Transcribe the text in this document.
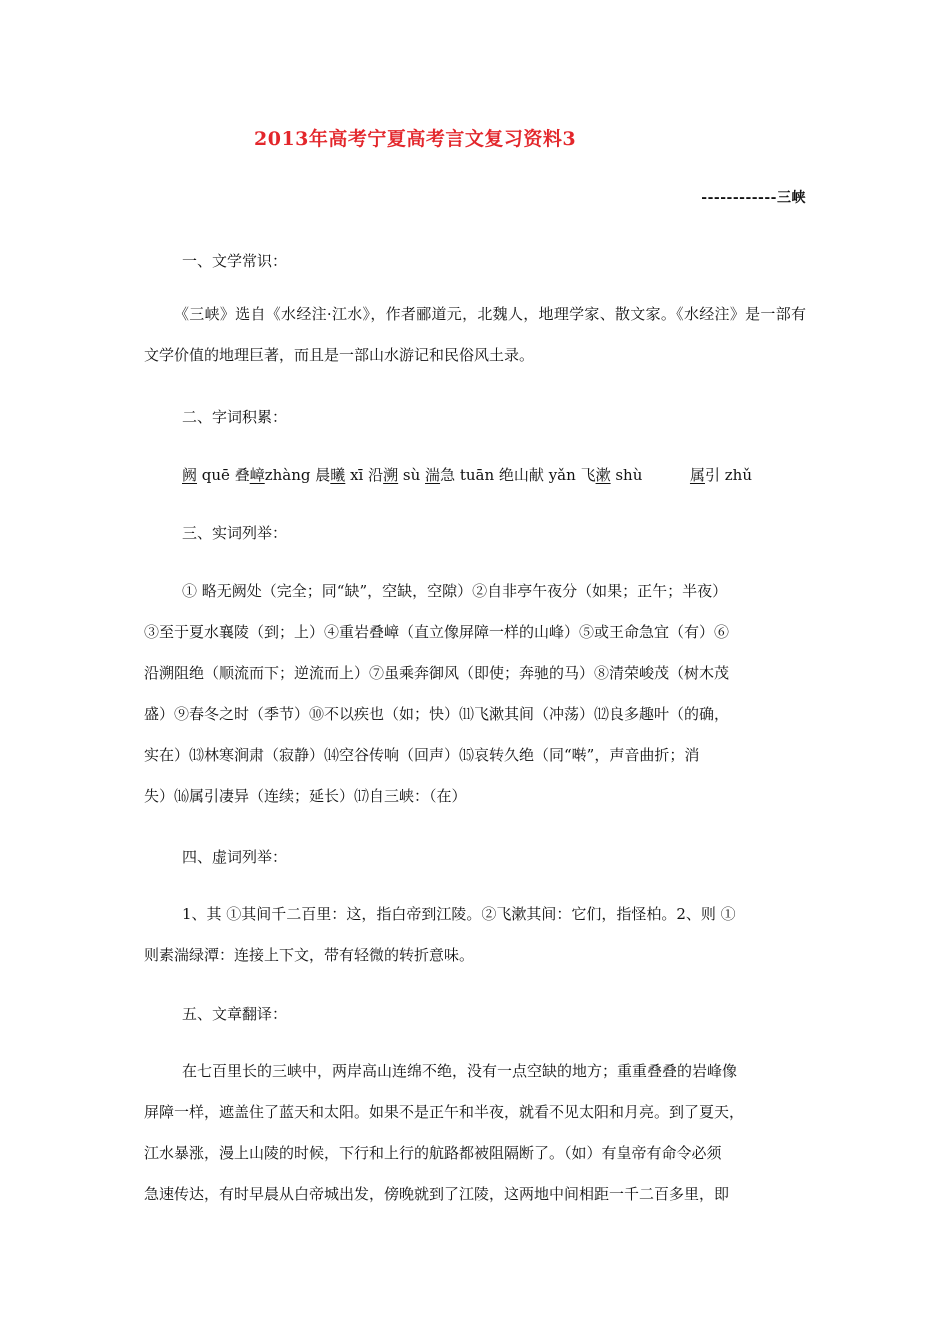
2013年高考宁夏高考言文复习资料3
------------三峡
一、文学常识：
《三峡》选自《水经注·江水》，作者郦道元，北魏人，地理学家、散文家。《水经注》是一部有文学价值的地理巨著，而且是一部山水游记和民俗风土录。
二、字词积累：
阙 quē 叠嶂zhàng 晨曦 xī 沿溯 sù 湍急 tuān 绝山献 yǎn 飞漱 shù	属引 zhǔ
三、实词列举：
① 略无阙处（完全；同“缺”，空缺，空隙）②自非亭午夜分（如果；正午；半夜）
③至于夏水襄陵（到；上）④重岩叠嶂（直立像屏障一样的山峰）⑤或王命急宜（有）⑥
沿溯阻绝（顺流而下；逆流而上）⑦虽乘奔御风（即使；奔驰的马）⑧清荣峻茂（树木茂
盛）⑨春冬之时（季节）⑩不以疾也（如；快）⑾飞漱其间（冲荡）⑿良多趣叶（的确，
实在）⒀林寒涧肃（寂静）⒁空谷传响（回声）⒂哀转久绝（同“啭”，声音曲折；消
失）⒃属引凄异（连续；延长）⒄自三峡：（在）
四、虚词列举：
1、其 ①其间千二百里：这，指白帝到江陵。②飞漱其间：它们，指怪柏。2、则 ①
则素湍绿潭：连接上下文，带有轻微的转折意味。
五、文章翻译：
在七百里长的三峡中，两岸高山连绵不绝，没有一点空缺的地方；重重叠叠的岩峰像
屏障一样，遮盖住了蓝天和太阳。如果不是正午和半夜，就看不见太阳和月亮。到了夏天，
江水暴涨，漫上山陵的时候，下行和上行的航路都被阻隔断了。（如）有皇帝有命令必须
急速传达，有时早晨从白帝城出发，傍晚就到了江陵，这两地中间相距一千二百多里，即
